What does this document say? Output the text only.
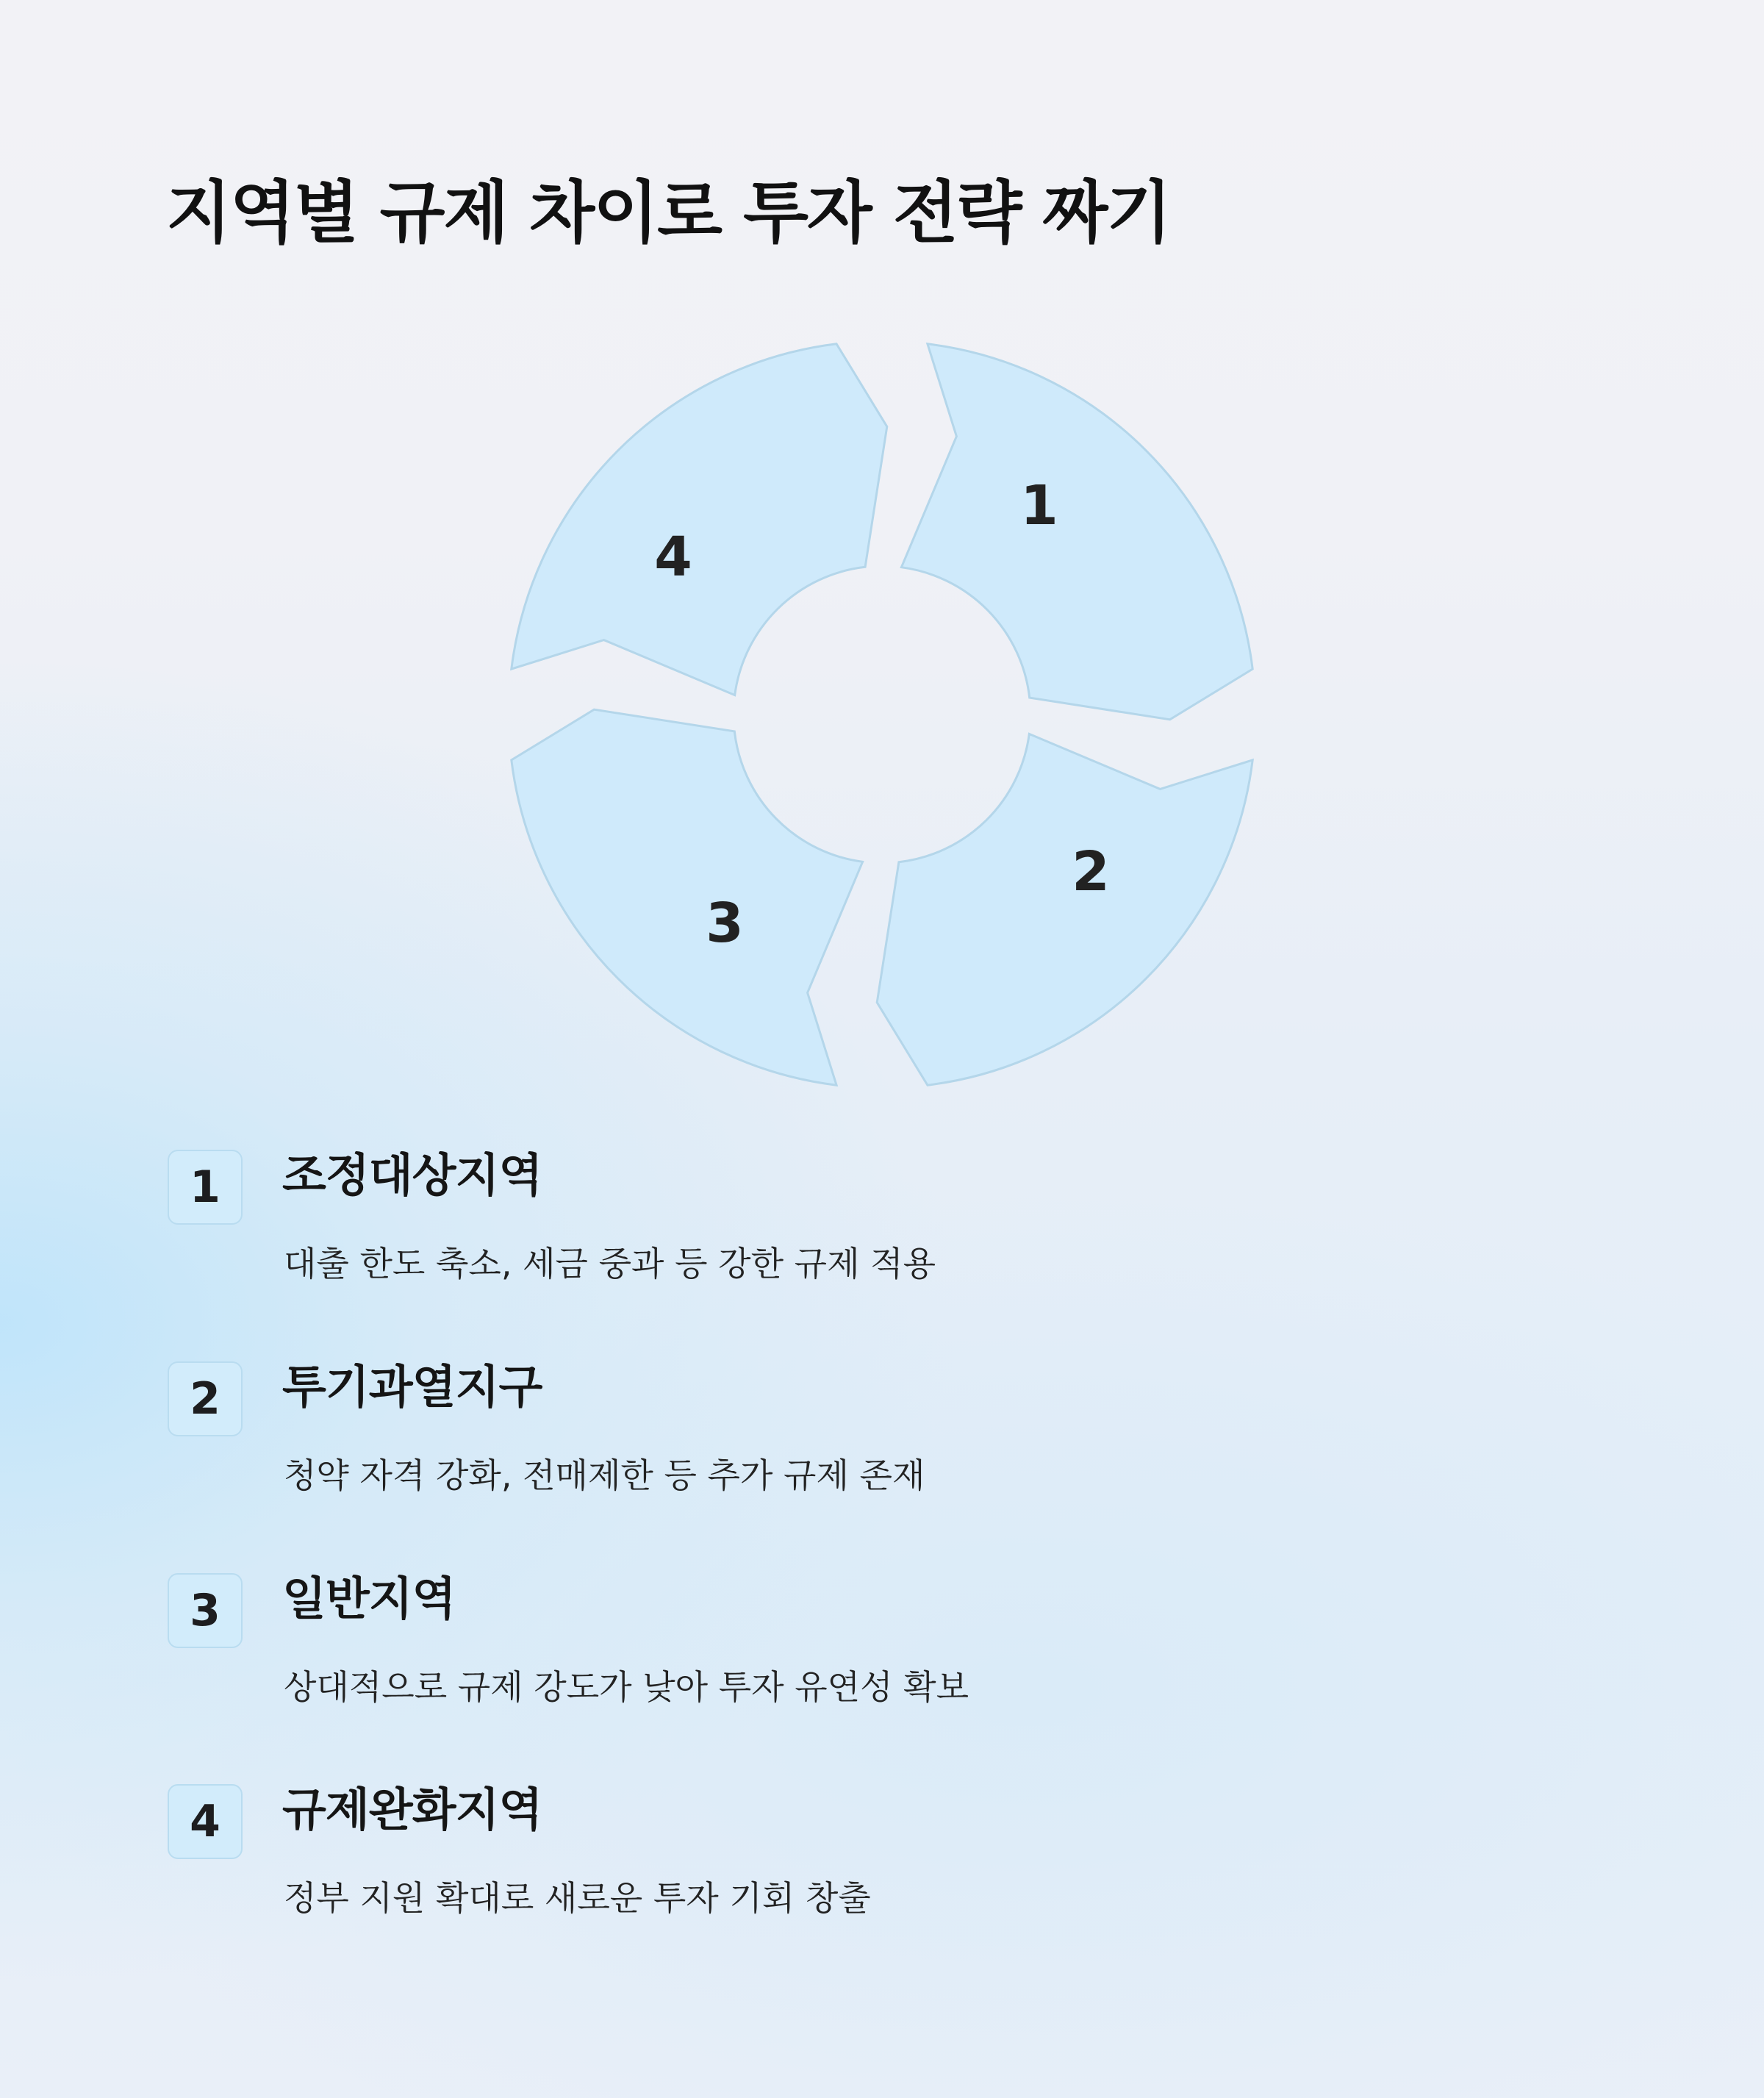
지역별 규제 차이로 투자 전략 짜기
1
2
3
4
1	조정대상지역

대출 한도 축소, 세금 중과 등 강한 규제 적용

2	투기과열지구

청약 자격 강화, 전매제한 등 추가 규제 존재

3	일반지역

상대적으로 규제 강도가 낮아 투자 유연성 확보

4	규제완화지역

정부 지원 확대로 새로운 투자 기회 창출
